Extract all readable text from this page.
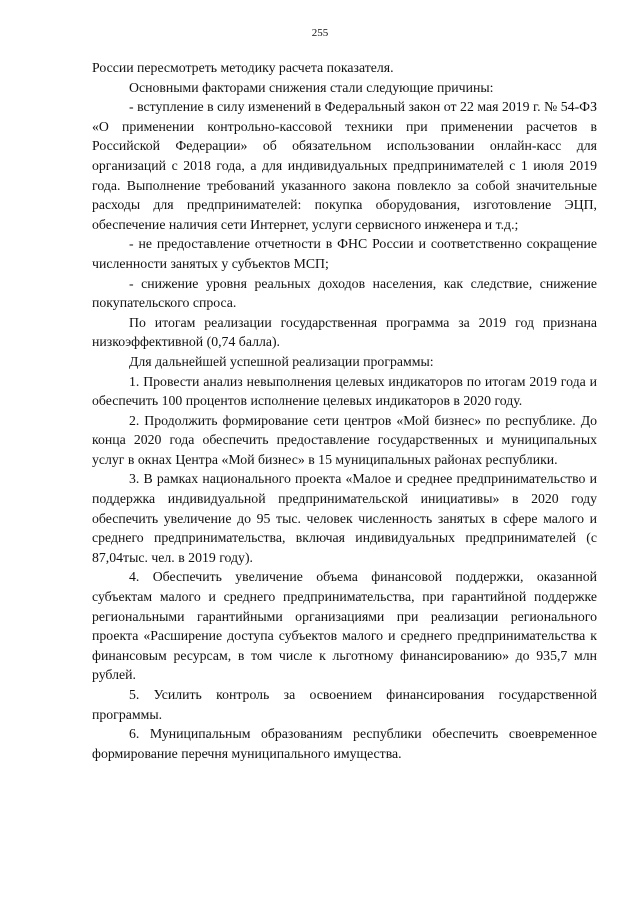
255

России пересмотреть методику расчета показателя.

Основными факторами снижения стали следующие причины:

- вступление в силу изменений в Федеральный закон от 22 мая 2019 г. № 54-ФЗ «О применении контрольно-кассовой техники при применении расчетов в Российской Федерации» об обязательном использовании онлайн-касс для организаций с 2018 года, а для индивидуальных предпринимателей с 1 июля 2019 года. Выполнение требований указанного закона повлекло за собой значительные расходы для предпринимателей: покупка оборудования, изготовление ЭЦП, обеспечение наличия сети Интернет, услуги сервисного инженера и т.д.;

- не предоставление отчетности в ФНС России и соответственно сокращение численности занятых у субъектов МСП;

- снижение уровня реальных доходов населения, как следствие, снижение покупательского спроса.

По итогам реализации государственная программа за 2019 год признана низкоэффективной (0,74 балла).

Для дальнейшей успешной реализации программы:

1. Провести анализ невыполнения целевых индикаторов по итогам 2019 года и обеспечить 100 процентов исполнение целевых индикаторов в 2020 году.

2. Продолжить формирование сети центров «Мой бизнес» по республике. До конца 2020 года обеспечить предоставление государственных и муниципальных услуг в окнах Центра «Мой бизнес» в 15 муниципальных районах республики.

3. В рамках национального проекта «Малое и среднее предпринимательство и поддержка индивидуальной предпринимательской инициативы» в 2020 году обеспечить увеличение до 95 тыс. человек численность занятых в сфере малого и среднего предпринимательства, включая индивидуальных предпринимателей (с 87,04тыс. чел. в 2019 году).

4. Обеспечить увеличение объема финансовой поддержки, оказанной субъектам малого и среднего предпринимательства, при гарантийной поддержке региональными гарантийными организациями при реализации регионального проекта «Расширение доступа субъектов малого и среднего предпринимательства к финансовым ресурсам, в том числе к льготному финансированию» до 935,7 млн рублей.

5. Усилить контроль за освоением финансирования государственной программы.

6. Муниципальным образованиям республики обеспечить своевременное формирование перечня муниципального имущества.
